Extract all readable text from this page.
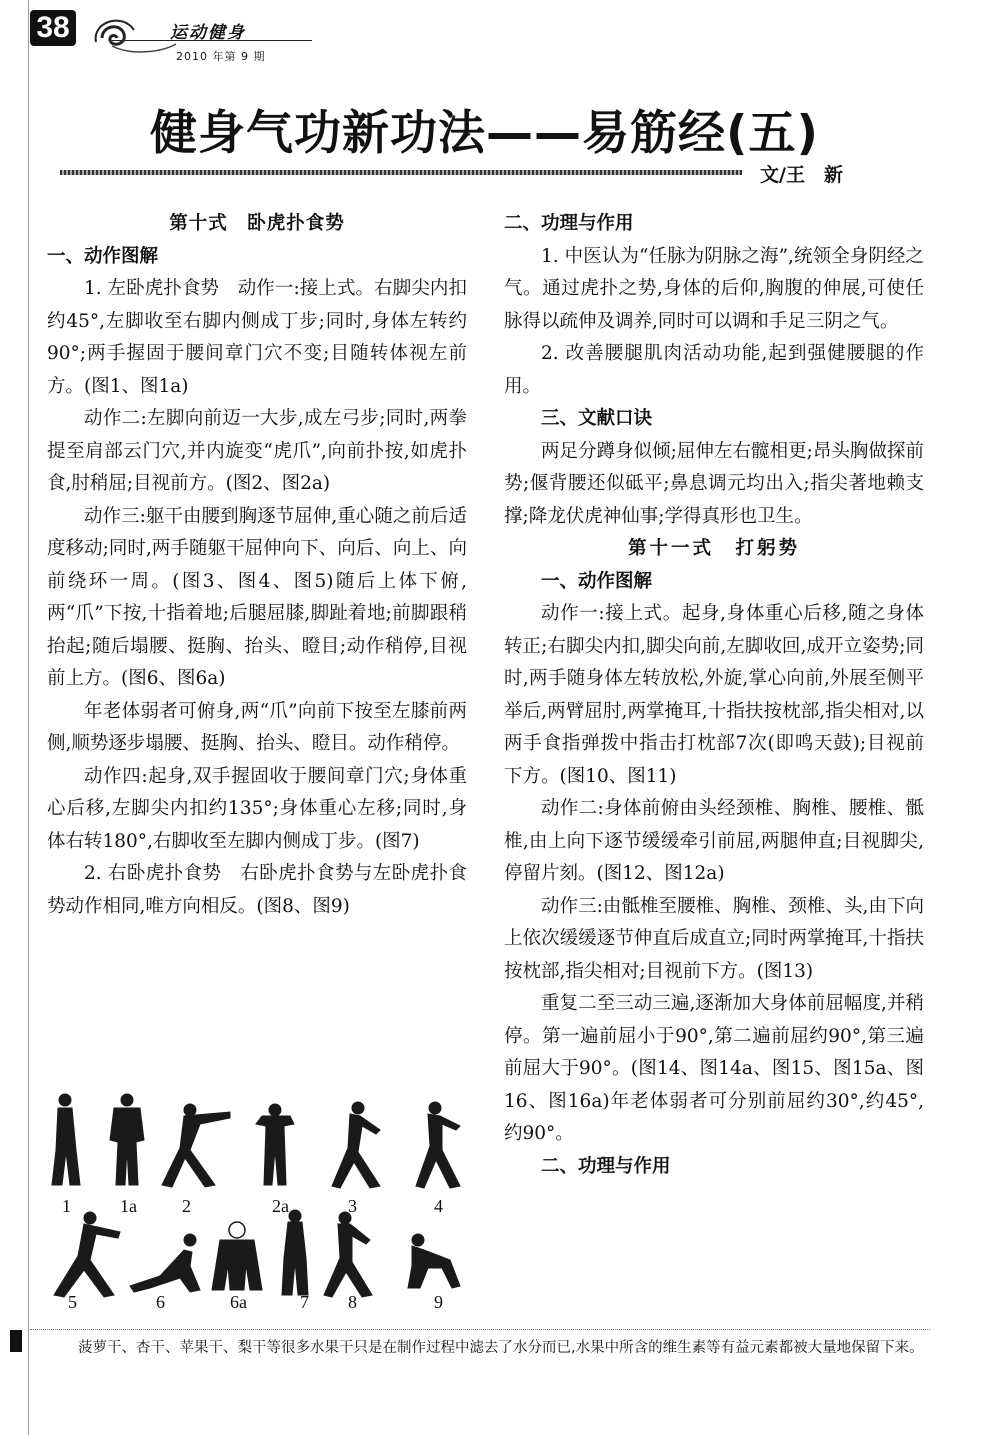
38	运动健身
2010 年第 9 期
健身气功新功法——易筋经(五)
文/王　新

第十式　卧虎扑食势

一、动作图解

1. 左卧虎扑食势　动作一:接上式。右脚尖内扣约45°,左脚收至右脚内侧成丁步;同时,身体左转约90°;两手握固于腰间章门穴不变;目随转体视左前方。(图1、图1a)

动作二:左脚向前迈一大步,成左弓步;同时,两拳提至肩部云门穴,并内旋变“虎爪”,向前扑按,如虎扑食,肘稍屈;目视前方。(图2、图2a)

动作三:躯干由腰到胸逐节屈伸,重心随之前后适度移动;同时,两手随躯干屈伸向下、向后、向上、向前绕环一周。(图3、图4、图5)随后上体下俯,两“爪”下按,十指着地;后腿屈膝,脚趾着地;前脚跟稍抬起;随后塌腰、挺胸、抬头、瞪目;动作稍停,目视前上方。(图6、图6a)

年老体弱者可俯身,两“爪”向前下按至左膝前两侧,顺势逐步塌腰、挺胸、抬头、瞪目。动作稍停。

动作四:起身,双手握固收于腰间章门穴;身体重心后移,左脚尖内扣约135°;身体重心左移;同时,身体右转180°,右脚收至左脚内侧成丁步。(图7)

2. 右卧虎扑食势　右卧虎扑食势与左卧虎扑食势动作相同,唯方向相反。(图8、图9)

1	1a	2	2a	3	4
5	6	6a	7 8	9

二、功理与作用

1. 中医认为“任脉为阴脉之海”,统领全身阴经之气。通过虎扑之势,身体的后仰,胸腹的伸展,可使任脉得以疏伸及调养,同时可以调和手足三阴之气。

2. 改善腰腿肌肉活动功能,起到强健腰腿的作用。

三、文献口诀

两足分蹲身似倾;屈伸左右髋相更;昂头胸做探前势;偃背腰还似砥平;鼻息调元均出入;指尖著地赖支撑;降龙伏虎神仙事;学得真形也卫生。

第十一式　打躬势

一、动作图解

动作一:接上式。起身,身体重心后移,随之身体转正;右脚尖内扣,脚尖向前,左脚收回,成开立姿势;同时,两手随身体左转放松,外旋,掌心向前,外展至侧平举后,两臂屈肘,两掌掩耳,十指扶按枕部,指尖相对,以两手食指弹拨中指击打枕部7次(即鸣天鼓);目视前下方。(图10、图11)

动作二:身体前俯由头经颈椎、胸椎、腰椎、骶椎,由上向下逐节缓缓牵引前屈,两腿伸直;目视脚尖,停留片刻。(图12、图12a)

动作三:由骶椎至腰椎、胸椎、颈椎、头,由下向上依次缓缓逐节伸直后成直立;同时两掌掩耳,十指扶按枕部,指尖相对;目视前下方。(图13)

重复二至三动三遍,逐渐加大身体前屈幅度,并稍停。第一遍前屈小于90°,第二遍前屈约90°,第三遍前屈大于90°。(图14、图14a、图15、图15a、图16、图16a)年老体弱者可分别前屈约30°,约45°,约90°。

二、功理与作用

菠萝干、杏干、苹果干、梨干等很多水果干只是在制作过程中滤去了水分而已,水果中所含的维生素等有益元素都被大量地保留下来。
